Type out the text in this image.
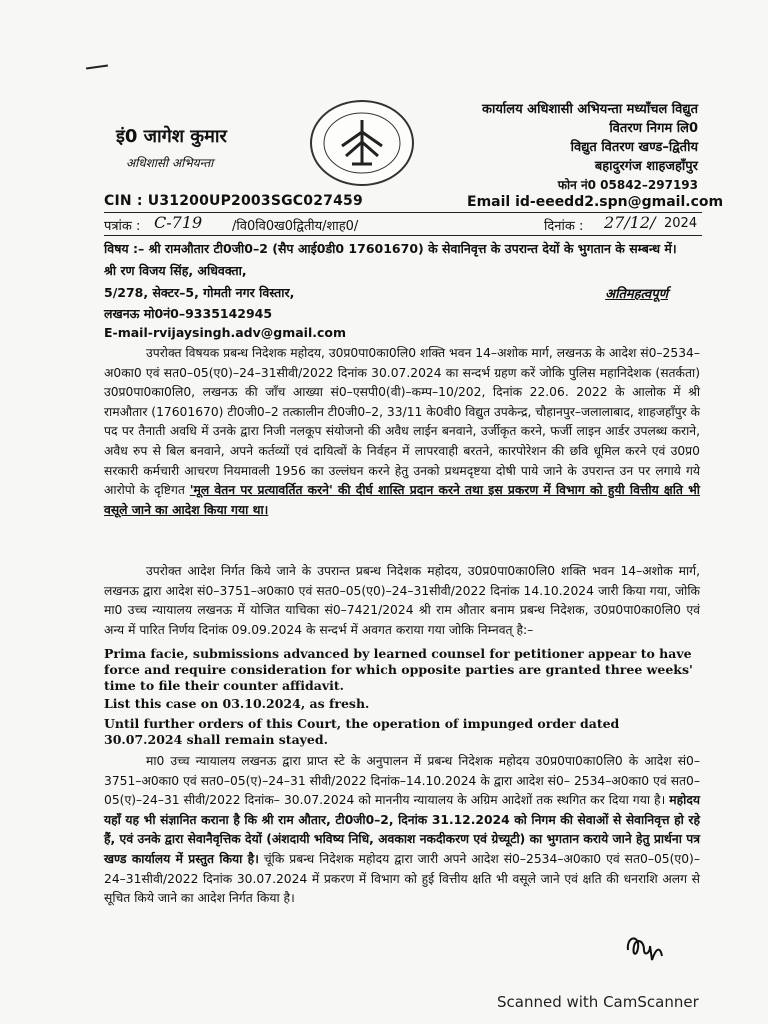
इं0 जागेश कुमार
अधिशासी अभियन्ता
कार्यालय अधिशासी अभियन्ता मध्याँचल विद्युत
वितरण निगम लि0
विद्युत वितरण खण्ड–द्वितीय
बहादुरगंज शाहजहाँपुर
फोन नं0 05842–297193
CIN : U31200UP2003SGC027459	Email id-eeedd2.spn@gmail.com
पत्रांक : C-719 /वि0वि0ख0द्वितीय/शाह0/	दिनांक : 27/12/ 2024
विषय :– श्री रामऔतार टी0जी0–2 (सैप आई0डी0 17601670) के सेवानिवृत्त के उपरान्त देयों के भुगतान के सम्बन्ध में।
श्री रण विजय सिंह, अधिवक्ता,
5/278, सेक्टर–5, गोमती नगर विस्तार,
लखनऊ मो0नं0–9335142945
E-mail-rvijaysingh.adv@gmail.com
अतिमहत्वपूर्ण
उपरोक्त विषयक प्रबन्ध निदेशक महोदय, उ0प्र0पा0का0लि0 शक्ति भवन 14–अशोक मार्ग, लखनऊ के आदेश सं0–2534–अ0का0 एवं सत0–05(ए0)–24–31सीवी/2022 दिनांक 30.07.2024 का सन्दर्भ ग्रहण करें जोकि पुलिस महानिदेशक (सतर्कता) उ0प्र0पा0का0लि0, लखनऊ की जाँच आख्या सं0–एसपी0(वी)–कम्प–10/202, दिनांक 22.06. 2022 के आलोक में श्री रामऔतार (17601670) टी0जी0–2 तत्कालीन टी0जी0–2, 33/11 के0वी0 विद्युत उपकेन्द्र, चौहानपुर–जलालाबाद, शाहजहाँपुर के पद पर तैनाती अवधि में उनके द्वारा निजी नलकूप संयोजनो की अवैध लाईन बनवाने, उर्जीकृत करने, फर्जी लाइन आर्डर उपलब्ध कराने, अवैध रुप से बिल बनवाने, अपने कर्तव्यों एवं दायित्वों के निर्वहन में लापरवाही बरतने, कारपोरेशन की छवि धूमिल करने एवं उ0प्र0 सरकारी कर्मचारी आचरण नियमावली 1956 का उल्लंघन करने हेतु उनको प्रथमदृष्टया दोषी पाये जाने के उपरान्त उन पर लगाये गये आरोपो के दृष्टिगत 'मूल वेतन पर प्रत्यावर्तित करने' की दीर्घ शास्ति प्रदान करने तथा इस प्रकरण में विभाग को हुयी वित्तीय क्षति भी वसूले जाने का आदेश किया गया था।
उपरोक्त आदेश निर्गत किये जाने के उपरान्त प्रबन्ध निदेशक महोदय, उ0प्र0पा0का0लि0 शक्ति भवन 14–अशोक मार्ग, लखनऊ द्वारा आदेश सं0–3751–अ0का0 एवं सत0–05(ए0)–24–31सीवी/2022 दिनांक 14.10.2024 जारी किया गया, जोकि मा0 उच्च न्यायालय लखनऊ में योजित याचिका सं0–7421/2024 श्री राम औतार बनाम प्रबन्ध निदेशक, उ0प्र0पा0का0लि0 एवं अन्य में पारित निर्णय दिनांक 09.09.2024 के सन्दर्भ में अवगत कराया गया जोकि निम्नवत् है:–
Prima facie, submissions advanced by learned counsel for petitioner appear to have force and require consideration for which opposite parties are granted three weeks' time to file their counter affidavit.
List this case on 03.10.2024, as fresh.
Until further orders of this Court, the operation of impunged order dated 30.07.2024 shall remain stayed.
मा0 उच्च न्यायालय लखनऊ द्वारा प्राप्त स्टे के अनुपालन में प्रबन्ध निदेशक महोदय उ0प्र0पा0का0लि0 के आदेश सं0– 3751–अ0का0 एवं सत0–05(ए)–24–31 सीवी/2022 दिनांक–14.10.2024 के द्वारा आदेश सं0– 2534–अ0का0 एवं सत0–05(ए)–24–31 सीवी/2022 दिनांक– 30.07.2024 को माननीय न्यायालय के अग्रिम आदेशों तक स्थगित कर दिया गया है। महोदय यहाँ यह भी संज्ञानित कराना है कि श्री राम औतार, टी0जी0–2, दिनांक 31.12.2024 को निगम की सेवाओं से सेवानिवृत्त हो रहे हैं, एवं उनके द्वारा सेवानैवृत्तिक देयों (अंशदायी भविष्य निधि, अवकाश नकदीकरण एवं ग्रेच्यूटी) का भुगतान कराये जाने हेतु प्रार्थना पत्र खण्ड कार्यालय में प्रस्तुत किया है। चूंकि प्रबन्ध निदेशक महोदय द्वारा जारी अपने आदेश सं0–2534–अ0का0 एवं सत0–05(ए0)–24–31सीवी/2022 दिनांक 30.07.2024 में प्रकरण में विभाग को हुई वित्तीय क्षति भी वसूले जाने एवं क्षति की धनराशि अलग से सूचित किये जाने का आदेश निर्गत किया है।
Scanned with CamScanner
